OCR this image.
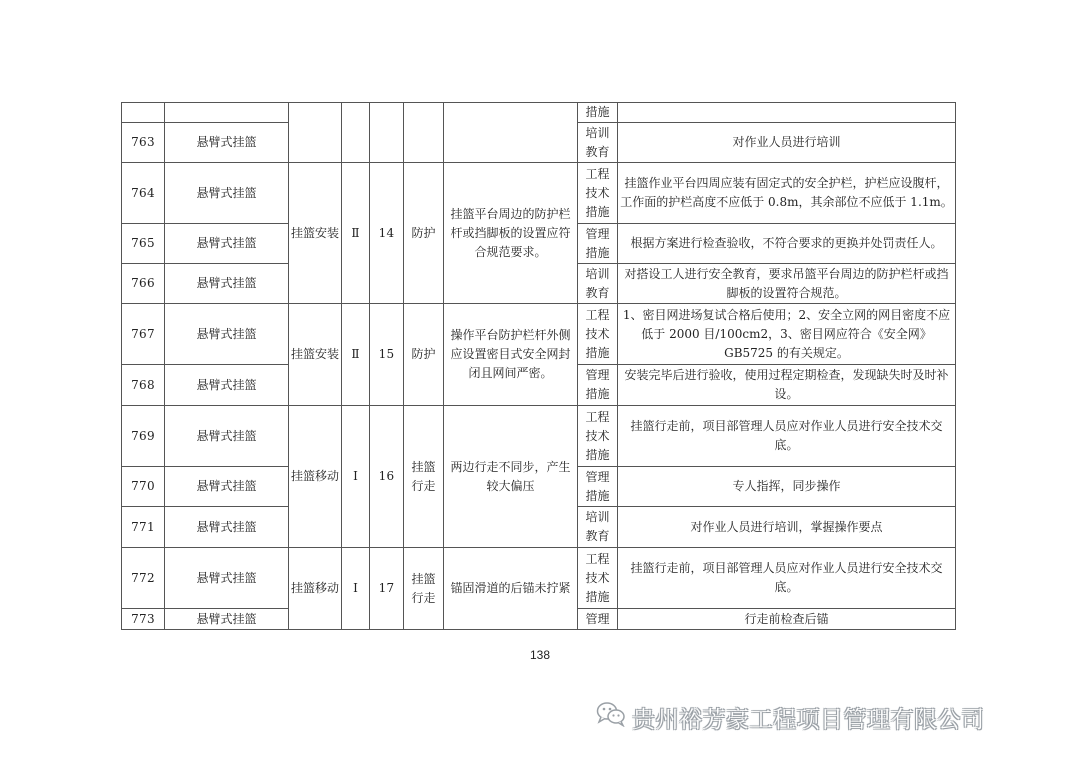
							措施	
763	悬臂式挂篮						培训教育	对作业人员进行培训
764	悬臂式挂篮	挂篮安装	Ⅱ	14	防护	挂篮平台周边的防护栏杆或挡脚板的设置应符合规范要求。	工程技术措施	挂篮作业平台四周应装有固定式的安全护栏，护栏应设腹杆，工作面的护栏高度不应低于 0.8m，其余部位不应低于 1.1m。
765	悬臂式挂篮						管理措施	根据方案进行检查验收，不符合要求的更换并处罚责任人。
766	悬臂式挂篮						培训教育	对搭设工人进行安全教育，要求吊篮平台周边的防护栏杆或挡脚板的设置符合规范。
767	悬臂式挂篮	挂篮安装	Ⅱ	15	防护	操作平台防护栏杆外侧应设置密目式安全网封闭且网间严密。	工程技术措施	1、密目网进场复试合格后使用；2、安全立网的网目密度不应低于 2000 目/100cm2，3、密目网应符合《安全网》GB5725 的有关规定。
768	悬臂式挂篮						管理措施	安装完毕后进行验收，使用过程定期检查，发现缺失时及时补设。
769	悬臂式挂篮	挂篮移动	Ⅰ	16	挂篮行走	两边行走不同步，产生较大偏压	工程技术措施	挂篮行走前，项目部管理人员应对作业人员进行安全技术交底。
770	悬臂式挂篮						管理措施	专人指挥，同步操作
771	悬臂式挂篮						培训教育	对作业人员进行培训，掌握操作要点
772	悬臂式挂篮	挂篮移动	Ⅰ	17	挂篮行走	锚固滑道的后锚未拧紧	工程技术措施	挂篮行走前，项目部管理人员应对作业人员进行安全技术交底。
773	悬臂式挂篮						管理	行走前检查后锚
138
贵州裕芳豪工程项目管理有限公司
